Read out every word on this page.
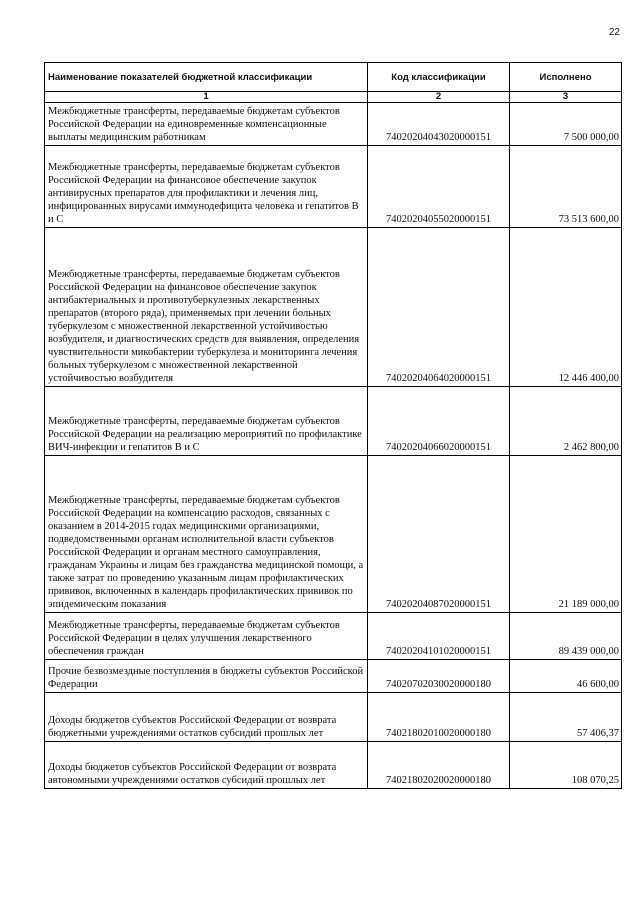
22
Наименование показателей бюджетной классификации	Код классификации	Исполнено
1	2	3
Межбюджетные трансферты, передаваемые бюджетам субъектов Российской Федерации на единовременные компенсационные выплаты медицинским работникам	74020204043020000151	7 500 000,00
Межбюджетные трансферты, передаваемые бюджетам субъектов Российской Федерации на финансовое обеспечение закупок антивирусных препаратов для профилактики и лечения лиц, инфицированных вирусами иммунодефицита человека и гепатитов В и С	74020204055020000151	73 513 600,00
Межбюджетные трансферты, передаваемые бюджетам субъектов Российской Федерации на финансовое обеспечение закупок антибактериальных и противотуберкулезных лекарственных препаратов (второго ряда), применяемых при лечении больных туберкулезом с множественной лекарственной устойчивостью возбудителя, и диагностических средств для выявления, определения чувствительности микобактерии туберкулеза и мониторинга лечения больных туберкулезом с множественной лекарственной устойчивостью возбудителя	74020204064020000151	12 446 400,00
Межбюджетные трансферты, передаваемые бюджетам субъектов Российской Федерации на реализацию мероприятий по профилактике ВИЧ-инфекции и гепатитов В и С	74020204066020000151	2 462 800,00
Межбюджетные трансферты, передаваемые бюджетам субъектов Российской Федерации на компенсацию расходов, связанных с оказанием в 2014-2015 годах медицинскими организациями, подведомственными органам исполнительной власти субъектов Российской Федерации и органам местного самоуправления, гражданам Украины и лицам без гражданства медицинской помощи, а также затрат по проведению указанным лицам профилактических прививок, включенных в календарь профилактических прививок по эпидемическим показания	74020204087020000151	21 189 000,00
Межбюджетные трансферты, передаваемые бюджетам субъектов Российской Федерации в целях улучшения лекарственного обеспечения граждан	74020204101020000151	89 439 000,00
Прочие безвозмездные поступления в бюджеты субъектов Российской Федерации	74020702030020000180	46 600,00
Доходы бюджетов субъектов Российской Федерации от возврата бюджетными учреждениями остатков субсидий прошлых лет	74021802010020000180	57 406,37
Доходы бюджетов субъектов Российской Федерации от возврата автономными учреждениями остатков субсидий прошлых лет	74021802020020000180	108 070,25
